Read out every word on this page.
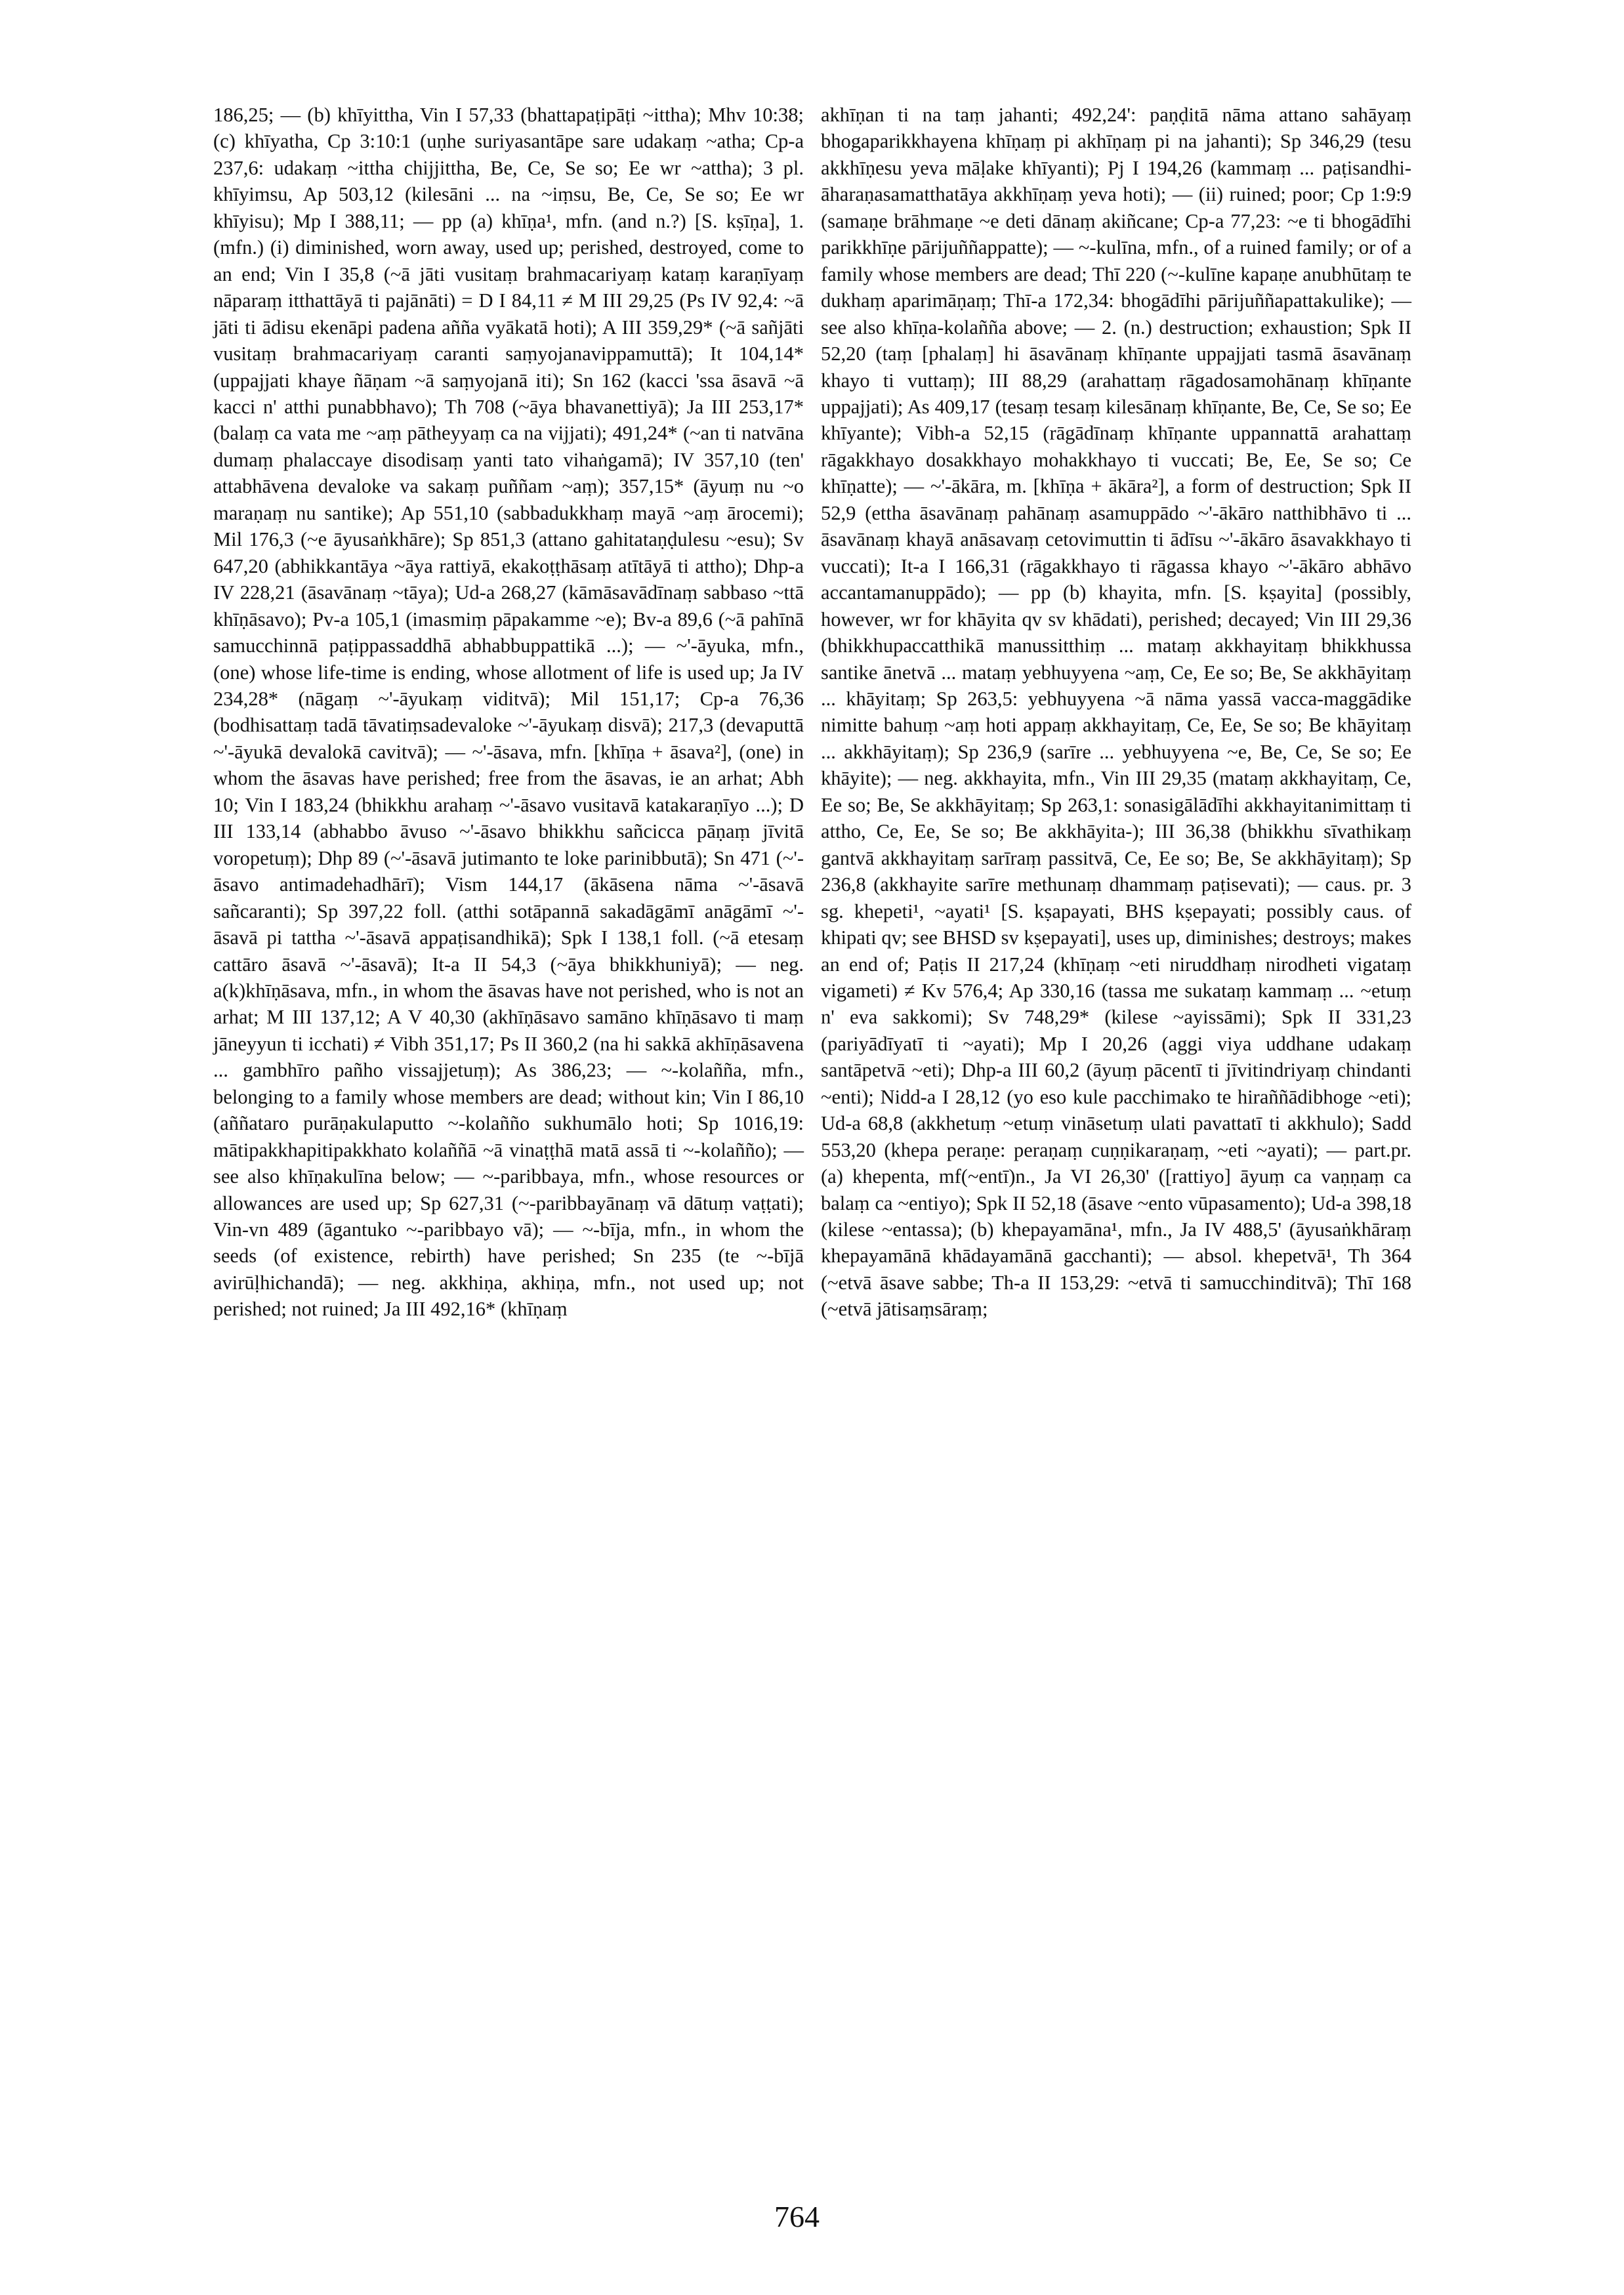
186,25; — (b) khīyittha, Vin I 57,33 (bhattapaṭipāṭi ~ittha); Mhv 10:38; (c) khīyatha, Cp 3:10:1 (uṇhe suriyasantāpe sare udakaṃ ~atha; Cp-a 237,6: udakaṃ ~ittha chijjittha, Be, Ce, Se so; Ee wr ~attha); 3 pl. khīyimsu, Ap 503,12 (kilesāni ... na ~iṃsu, Be, Ce, Se so; Ee wr khīyisu); Mp I 388,11; — pp (a) khīṇa¹, mfn. (and n.?) [S. kṣīṇa], 1. (mfn.) (i) diminished, worn away, used up; perished, destroyed, come to an end; Vin I 35,8 (~ā jāti vusitaṃ brahmacariyaṃ kataṃ karaṇīyaṃ nāparaṃ itthattāyā ti pajānāti) = D I 84,11 ≠ M III 29,25 (Ps IV 92,4: ~ā jāti ti ādisu ekenāpi padena añña vyākatā hoti); A III 359,29* (~ā sañjāti vusitaṃ brahmacariyaṃ caranti saṃyojanavippamuttā); It 104,14* (uppajjati khaye ñāṇam ~ā saṃyojanā iti); Sn 162 (kacci 'ssa āsavā ~ā kacci n' atthi punabbhavo); Th 708 (~āya bhavanettiyā); Ja III 253,17* (balaṃ ca vata me ~aṃ pātheyyaṃ ca na vijjati); 491,24* (~an ti natvāna dumaṃ phalaccaye disodisaṃ yanti tato vihaṅgamā); IV 357,10 (ten' attabhāvena devaloke va sakaṃ puññam ~aṃ); 357,15* (āyuṃ nu ~o maraṇaṃ nu santike); Ap 551,10 (sabbadukkhaṃ mayā ~aṃ ārocemi); Mil 176,3 (~e āyusaṅkhāre); Sp 851,3 (attano gahitataṇḍulesu ~esu); Sv 647,20 (abhikkantāya ~āya rattiyā, ekakoṭṭhāsaṃ atītāyā ti attho); Dhp-a IV 228,21 (āsavānaṃ ~tāya); Ud-a 268,27 (kāmāsavādīnaṃ sabbaso ~ttā khīṇāsavo); Pv-a 105,1 (imasmiṃ pāpakamme ~e); Bv-a 89,6 (~ā pahīnā samucchinnā paṭippassaddhā abhabbuppattikā ...); — ~'-āyuka, mfn., (one) whose life-time is ending, whose allotment of life is used up; Ja IV 234,28* (nāgaṃ ~'-āyukaṃ viditvā); Mil 151,17; Cp-a 76,36 (bodhisattaṃ tadā tāvatiṃsadevaloke ~'-āyukaṃ disvā); 217,3 (devaputtā ~'-āyukā devalokā cavitvā); — ~'-āsava, mfn. [khīṇa + āsava²], (one) in whom the āsavas have perished; free from the āsavas, ie an arhat; Abh 10; Vin I 183,24 (bhikkhu arahaṃ ~'-āsavo vusitavā katakaraṇīyo ...); D III 133,14 (abhabbo āvuso ~'-āsavo bhikkhu sañcicca pāṇaṃ jīvitā voropetuṃ); Dhp 89 (~'-āsavā jutimanto te loke parinibbutā); Sn 471 (~'-āsavo antimadehadhārī); Vism 144,17 (ākāsena nāma ~'-āsavā sañcaranti); Sp 397,22 foll. (atthi sotāpannā sakadāgāmī anāgāmī ~'-āsavā pi tattha ~'-āsavā appaṭisandhikā); Spk I 138,1 foll. (~ā etesaṃ cattāro āsavā ~'-āsavā); It-a II 54,3 (~āya bhikkhuniyā); — neg. a(k)khīṇāsava, mfn., in whom the āsavas have not perished, who is not an arhat; M III 137,12; A V 40,30 (akhīṇāsavo samāno khīṇāsavo ti maṃ jāneyyun ti icchati) ≠ Vibh 351,17; Ps II 360,2 (na hi sakkā akhīṇāsavena ... gambhīro pañho vissajjetuṃ); As 386,23; — ~-kolañña, mfn., belonging to a family whose members are dead; without kin; Vin I 86,10 (aññataro purāṇakulaputto ~-kolañño sukhumālo hoti; Sp 1016,19: mātipakkhapitipakkhato kolaññā ~ā vinaṭṭhā matā assā ti ~-kolañño); — see also khīṇakulīna below; — ~-paribbaya, mfn., whose resources or allowances are used up; Sp 627,31 (~-paribbayānaṃ vā dātuṃ vaṭṭati); Vin-vn 489 (āgantuko ~-paribbayo vā); — ~-bīja, mfn., in whom the seeds (of existence, rebirth) have perished; Sn 235 (te ~-bījā avirūḷhichandā); — neg. akkhiṇa, akhiṇa, mfn., not used up; not perished; not ruined; Ja III 492,16* (khīṇaṃ
akhīṇan ti na taṃ jahanti; 492,24': paṇḍitā nāma attano sahāyaṃ bhogaparikkhayena khīṇaṃ pi akhīṇaṃ pi na jahanti); Sp 346,29 (tesu akkhīṇesu yeva māḷake khīyanti); Pj I 194,26 (kammaṃ ... paṭisandhi-āharaṇasamatthatāya akkhīṇaṃ yeva hoti); — (ii) ruined; poor; Cp 1:9:9 (samaṇe brāhmaṇe ~e deti dānaṃ akiñcane; Cp-a 77,23: ~e ti bhogādīhi parikkhīṇe pārijuññappatte); — ~-kulīna, mfn., of a ruined family; or of a family whose members are dead; Thī 220 (~-kulīne kapaṇe anubhūtaṃ te dukhaṃ aparimāṇaṃ; Thī-a 172,34: bhogādīhi pārijuññapattakulike); — see also khīṇa-kolañña above; — 2. (n.) destruction; exhaustion; Spk II 52,20 (taṃ [phalaṃ] hi āsavānaṃ khīṇante uppajjati tasmā āsavānaṃ khayo ti vuttaṃ); III 88,29 (arahattaṃ rāgadosamohānaṃ khīṇante uppajjati); As 409,17 (tesaṃ tesaṃ kilesānaṃ khīṇante, Be, Ce, Se so; Ee khīyante); Vibh-a 52,15 (rāgādīnaṃ khīṇante uppannattā arahattaṃ rāgakkhayo dosakkhayo mohakkhayo ti vuccati; Be, Ee, Se so; Ce khīṇatte); — ~'-ākāra, m. [khīṇa + ākāra²], a form of destruction; Spk II 52,9 (ettha āsavānaṃ pahānaṃ asamuppādo ~'-ākāro natthibhāvo ti ... āsavānaṃ khayā anāsavaṃ cetovimuttin ti ādīsu ~'-ākāro āsavakkhayo ti vuccati); It-a I 166,31 (rāgakkhayo ti rāgassa khayo ~'-ākāro abhāvo accantamanuppādo); — pp (b) khayita, mfn. [S. kṣayita] (possibly, however, wr for khāyita qv sv khādati), perished; decayed; Vin III 29,36 (bhikkhupaccatthikā manussitthiṃ ... mataṃ akkhayitaṃ bhikkhussa santike ānetvā ... mataṃ yebhuyyena ~aṃ, Ce, Ee so; Be, Se akkhāyitaṃ ... khāyitaṃ; Sp 263,5: yebhuyyena ~ā nāma yassā vacca-maggādike nimitte bahuṃ ~aṃ hoti appaṃ akkhayitaṃ, Ce, Ee, Se so; Be khāyitaṃ ... akkhāyitaṃ); Sp 236,9 (sarīre ... yebhuyyena ~e, Be, Ce, Se so; Ee khāyite); — neg. akkhayita, mfn., Vin III 29,35 (mataṃ akkhayitaṃ, Ce, Ee so; Be, Se akkhāyitaṃ; Sp 263,1: sonasigālādīhi akkhayitanimittaṃ ti attho, Ce, Ee, Se so; Be akkhāyita-); III 36,38 (bhikkhu sīvathikaṃ gantvā akkhayitaṃ sarīraṃ passitvā, Ce, Ee so; Be, Se akkhāyitaṃ); Sp 236,8 (akkhayite sarīre methunaṃ dhammaṃ paṭisevati); — caus. pr. 3 sg. khepeti¹, ~ayati¹ [S. kṣapayati, BHS kṣepayati; possibly caus. of khipati qv; see BHSD sv kṣepayati], uses up, diminishes; destroys; makes an end of; Paṭis II 217,24 (khīṇaṃ ~eti niruddhaṃ nirodheti vigataṃ vigameti) ≠ Kv 576,4; Ap 330,16 (tassa me sukataṃ kammaṃ ... ~etuṃ n' eva sakkomi); Sv 748,29* (kilese ~ayissāmi); Spk II 331,23 (pariyādīyatī ti ~ayati); Mp I 20,26 (aggi viya uddhane udakaṃ santāpetvā ~eti); Dhp-a III 60,2 (āyuṃ pācentī ti jīvitindriyaṃ chindanti ~enti); Nidd-a I 28,12 (yo eso kule pacchimako te hiraññādibhoge ~eti); Ud-a 68,8 (akkhetuṃ ~etuṃ vināsetuṃ ulati pavattatī ti akkhulo); Sadd 553,20 (khepa peraṇe: peraṇaṃ cuṇṇikaraṇaṃ, ~eti ~ayati); — part.pr. (a) khepenta, mf(~entī)n., Ja VI 26,30' ([rattiyo] āyuṃ ca vaṇṇaṃ ca balaṃ ca ~entiyo); Spk II 52,18 (āsave ~ento vūpasamento); Ud-a 398,18 (kilese ~entassa); (b) khepayamāna¹, mfn., Ja IV 488,5' (āyusaṅkhāraṃ khepayamānā khādayamānā gacchanti); — absol. khepetvā¹, Th 364 (~etvā āsave sabbe; Th-a II 153,29: ~etvā ti samucchinditvā); Thī 168 (~etvā jātisaṃsāraṃ;
764
